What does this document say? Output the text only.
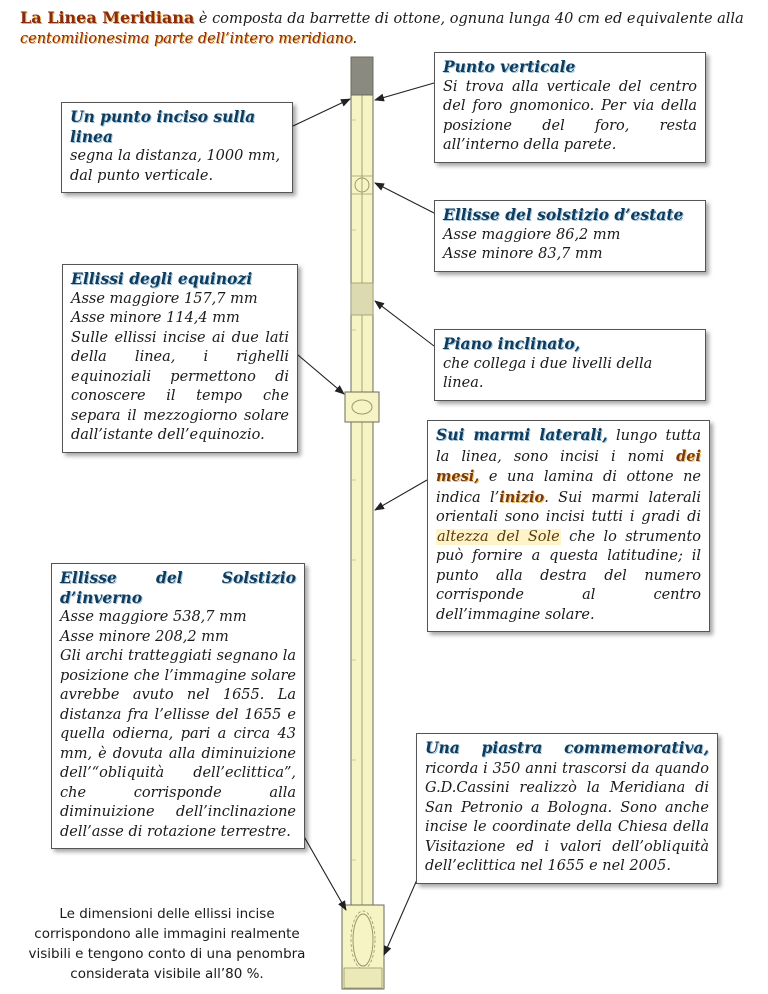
La Linea Meridiana è composta da barrette di ottone, ognuna lunga 40 cm ed equivalente alla
centomilionesima parte dell’intero meridiano.
Punto verticale

Si trova alla verticale del centro del foro gnomonico. Per via della posizione del foro, resta all’interno della parete.

Un punto inciso sulla linea

segna la distanza, 1000 mm, dal punto verticale.

Ellisse del solstizio d’estate

Asse maggiore 86,2 mm

Asse minore 83,7 mm

Ellissi degli equinozi

Asse maggiore 157,7 mm

Asse minore 114,4 mm

Sulle ellissi incise ai due lati della linea, i righelli equinoziali permettono di conoscere il tempo che separa il mezzogiorno solare dall’istante dell’equinozio.

Piano inclinato,

che collega i due livelli della linea.

Sui marmi laterali, lungo tutta la linea, sono incisi i nomi dei mesi, e una lamina di ottone ne indica l’inizio. Sui marmi laterali orientali sono incisi tutti i gradi di altezza del Sole che lo strumento può fornire a questa latitudine; il punto alla destra del numero corrisponde al centro dell’immagine solare.

Ellisse del Solstizio d’inverno

Asse maggiore 538,7 mm

Asse minore 208,2 mm

Gli archi tratteggiati segnano la posizione che l’immagine solare avrebbe avuto nel 1655. La distanza fra l’ellisse del 1655 e quella odierna, pari a circa 43 mm, è dovuta alla diminuizione dell’“obliquità dell’eclittica”, che corrisponde alla diminuizione dell’inclinazione dell’asse di rotazione terrestre.

Una piastra commemorativa, ricorda i 350 anni trascorsi da quando G.D.Cassini realizzò la Meridiana di San Petronio a Bologna. Sono anche incise le coordinate della Chiesa della Visitazione ed i valori dell’obliquità dell’eclittica nel 1655 e nel 2005.

Le dimensioni delle ellissi incise corrispondono alle immagini realmente visibili e tengono conto di una penombra considerata visibile all’80 %.
